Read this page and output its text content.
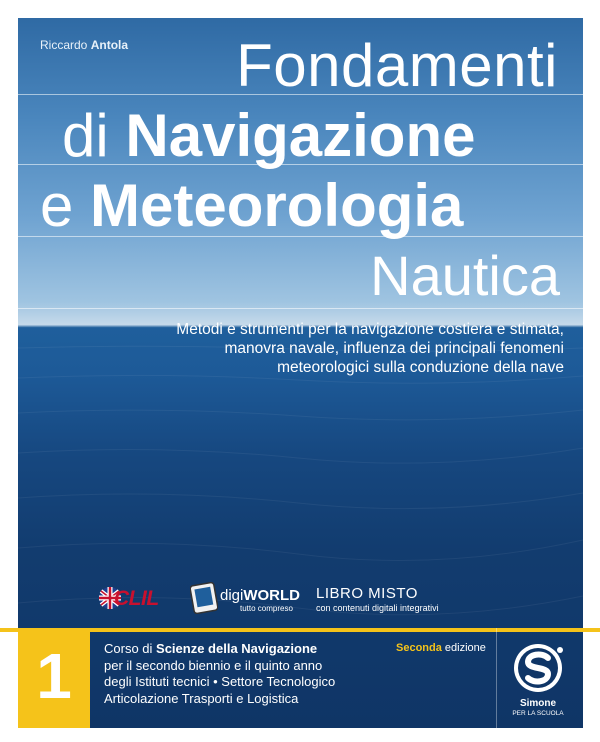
Riccardo Antola Fondamenti
di Navigazione
e Meteorologia
Nautica
Metodi e strumenti per la navigazione costiera e stimata,
manovra navale, influenza dei principali fenomeni
meteorologici sulla conduzione della nave
CLIL	digiWORLD
tutto compreso
LIBRO MISTO
con contenuti digitali integrativi
1	Corso di Scienze della Navigazione
per il secondo biennio e il quinto anno
degli Istituti tecnici • Settore Tecnologico
Articolazione Trasporti e Logistica
Seconda edizione
Simone
PER LA SCUOLA
